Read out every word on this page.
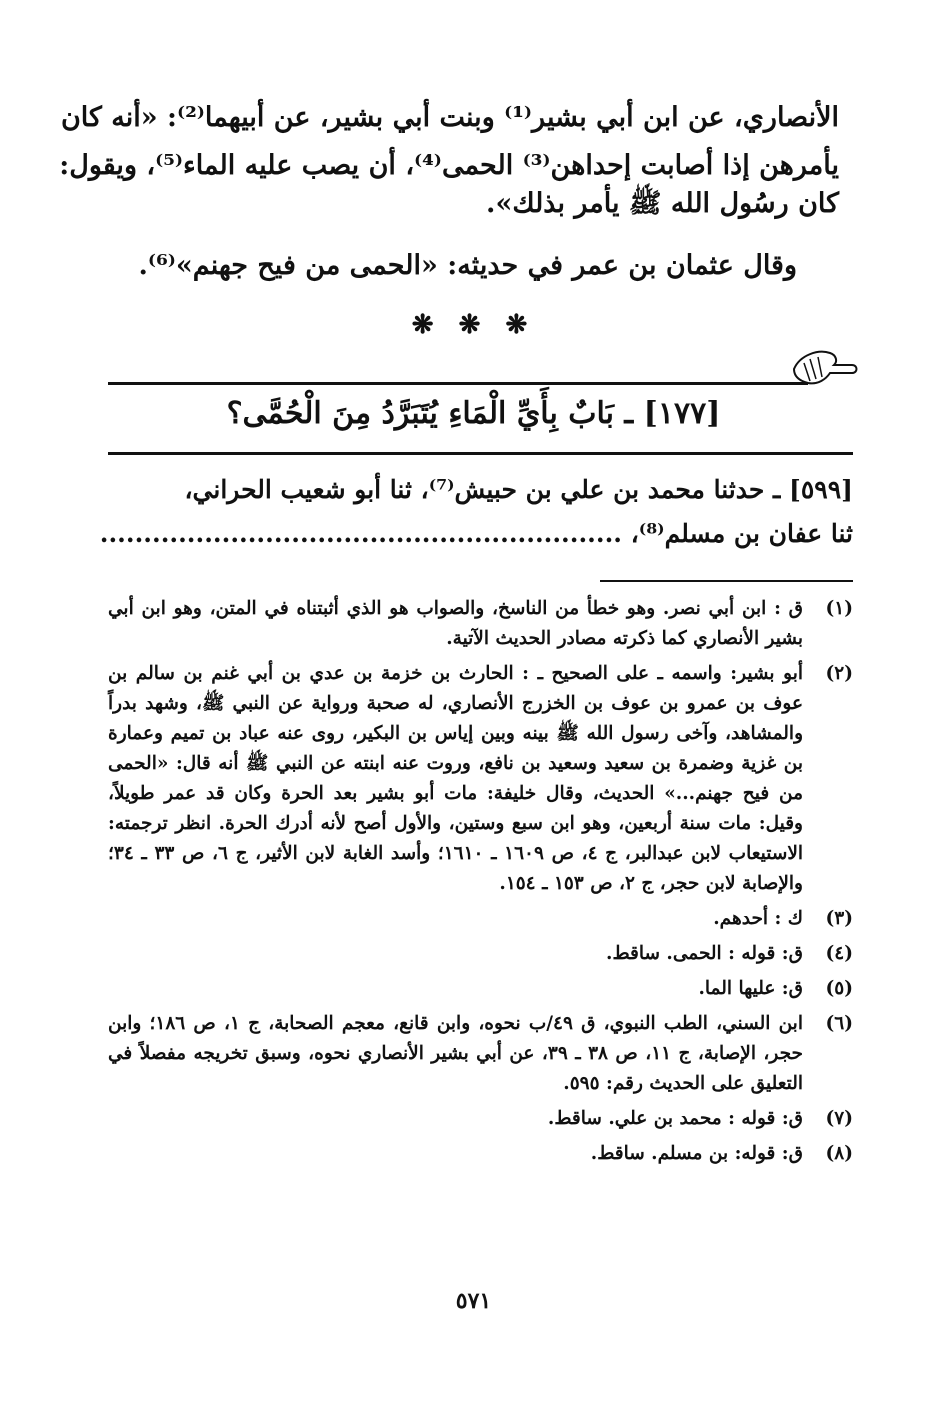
الأنصاري، عن ابن أبي بشير⁽¹⁾ وبنت أبي بشير، عن أبيهما⁽²⁾: «أنه كان
يأمرهن إذا أصابت إحداهن⁽³⁾ الحمى⁽⁴⁾، أن يصب عليه الماء⁽⁵⁾، ويقول:
كان رسُول الله ﷺ يأمر بذلك».
وقال عثمان بن عمر في حديثه: «الحمى من فيح جهنم»⁽⁶⁾.
❋ ❋ ❋
[١٧٧] ـ بَابٌ بِأَيِّ الْمَاءِ يُتَبَرَّدُ مِنَ الْحُمَّى؟
[٥٩٩] ـ حدثنا محمد بن علي بن حبيش⁽⁷⁾، ثنا أبو شعيب الحراني،
ثنا عفان بن مسلم⁽⁸⁾، ............................................................
(١)
ق : ابن أبي نصر. وهو خطأ من الناسخ، والصواب هو الذي أثبتناه في المتن، وهو ابن أبي بشير الأنصاري كما ذكرته مصادر الحديث الآتية.
(٢)
أبو بشير: واسمه ـ على الصحيح ـ : الحارث بن خزمة بن عدي بن أبي غنم بن سالم بن عوف بن عمرو بن عوف بن الخزرج الأنصاري، له صحبة ورواية عن النبي ﷺ، وشهد بدراً والمشاهد، وآخى رسول الله ﷺ بينه وبين إياس بن البكير، روى عنه عباد بن تميم وعمارة بن غزية وضمرة بن سعيد وسعيد بن نافع، وروت عنه ابنته عن النبي ﷺ أنه قال: «الحمى من فيح جهنم...» الحديث، وقال خليفة: مات أبو بشير بعد الحرة وكان قد عمر طويلاً، وقيل: مات سنة أربعين، وهو ابن سبع وستين، والأول أصح لأنه أدرك الحرة. انظر ترجمته: الاستيعاب لابن عبدالبر، ج ٤، ص ١٦٠٩ ـ ١٦١٠؛ وأسد الغابة لابن الأثير، ج ٦، ص ٣٣ ـ ٣٤؛ والإصابة لابن حجر، ج ٢، ص ١٥٣ ـ ١٥٤.
(٣)
ك : أحدهم.
(٤)
ق: قوله : الحمى. ساقط.
(٥)
ق: عليها الما.
(٦)
ابن السني، الطب النبوي، ق ٤٩/ب نحوه، وابن قانع، معجم الصحابة، ج ١، ص ١٨٦؛ وابن حجر، الإصابة، ج ١١، ص ٣٨ ـ ٣٩، عن أبي بشير الأنصاري نحوه، وسبق تخريجه مفصلاً في التعليق على الحديث رقم: ٥٩٥.
(٧)
ق: قوله : محمد بن علي. ساقط.
(٨)
ق: قوله: بن مسلم. ساقط.
٥٧١
